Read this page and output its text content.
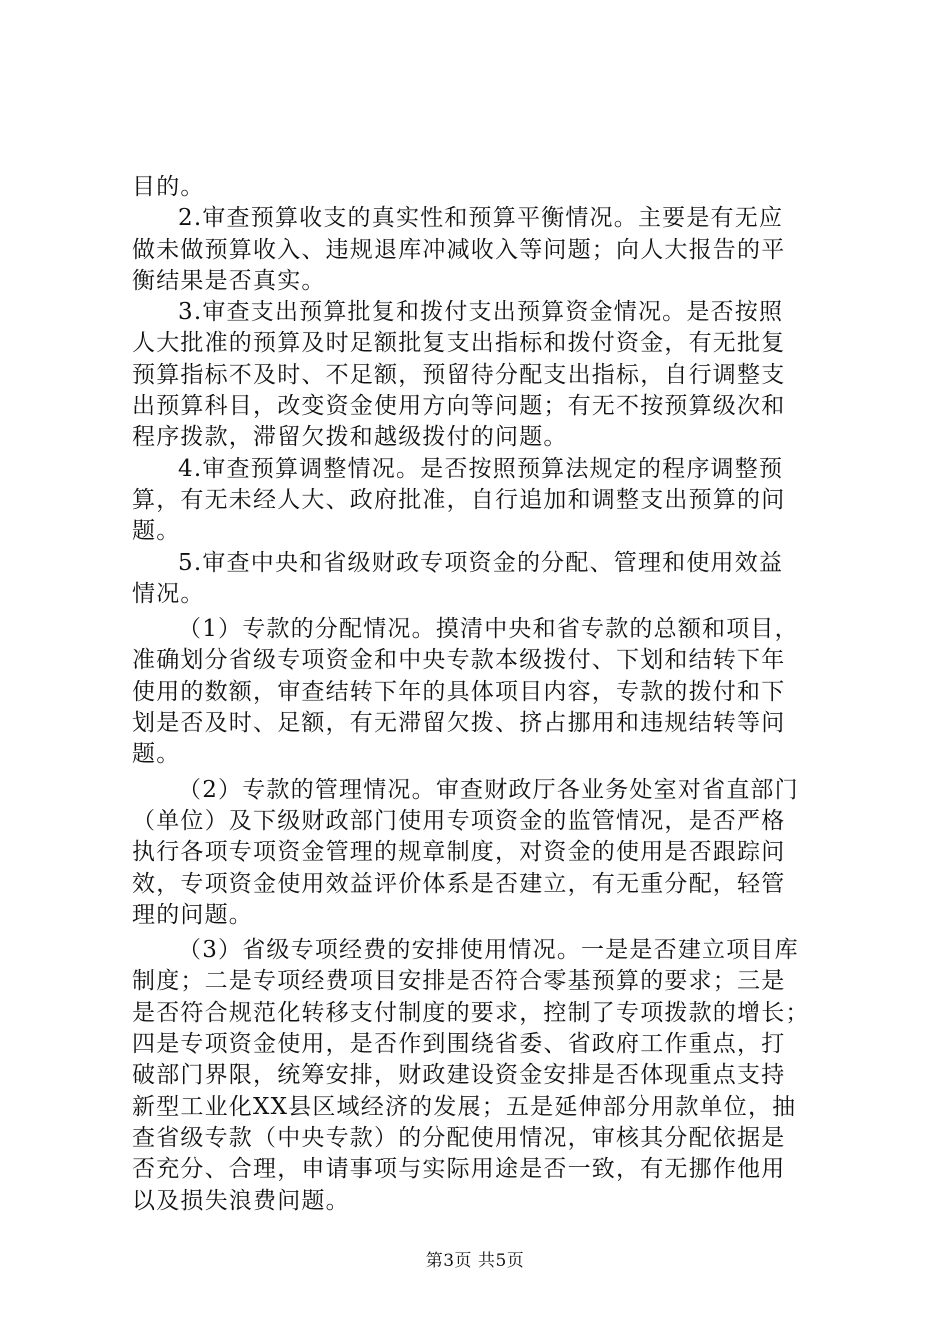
目的。
2.审查预算收支的真实性和预算平衡情况。主要是有无应
做未做预算收入、违规退库冲减收入等问题；向人大报告的平
衡结果是否真实。
3.审查支出预算批复和拨付支出预算资金情况。是否按照
人大批准的预算及时足额批复支出指标和拨付资金，有无批复
预算指标不及时、不足额，预留待分配支出指标，自行调整支
出预算科目，改变资金使用方向等问题；有无不按预算级次和
程序拨款，滞留欠拨和越级拨付的问题。
4.审查预算调整情况。是否按照预算法规定的程序调整预
算，有无未经人大、政府批准，自行追加和调整支出预算的问
题。
5.审查中央和省级财政专项资金的分配、管理和使用效益
情况。
（1）专款的分配情况。摸清中央和省专款的总额和项目，
准确划分省级专项资金和中央专款本级拨付、下划和结转下年
使用的数额，审查结转下年的具体项目内容，专款的拨付和下
划是否及时、足额，有无滞留欠拨、挤占挪用和违规结转等问
题。
（2）专款的管理情况。审查财政厅各业务处室对省直部门
（单位）及下级财政部门使用专项资金的监管情况，是否严格
执行各项专项资金管理的规章制度，对资金的使用是否跟踪问
效，专项资金使用效益评价体系是否建立，有无重分配，轻管
理的问题。
（3）省级专项经费的安排使用情况。一是是否建立项目库
制度；二是专项经费项目安排是否符合零基预算的要求；三是
是否符合规范化转移支付制度的要求，控制了专项拨款的增长；
四是专项资金使用，是否作到围绕省委、省政府工作重点，打
破部门界限，统筹安排，财政建设资金安排是否体现重点支持
新型工业化XX县区域经济的发展；五是延伸部分用款单位，抽
查省级专款（中央专款）的分配使用情况，审核其分配依据是
否充分、合理，申请事项与实际用途是否一致，有无挪作他用
以及损失浪费问题。
第3页 共5页
